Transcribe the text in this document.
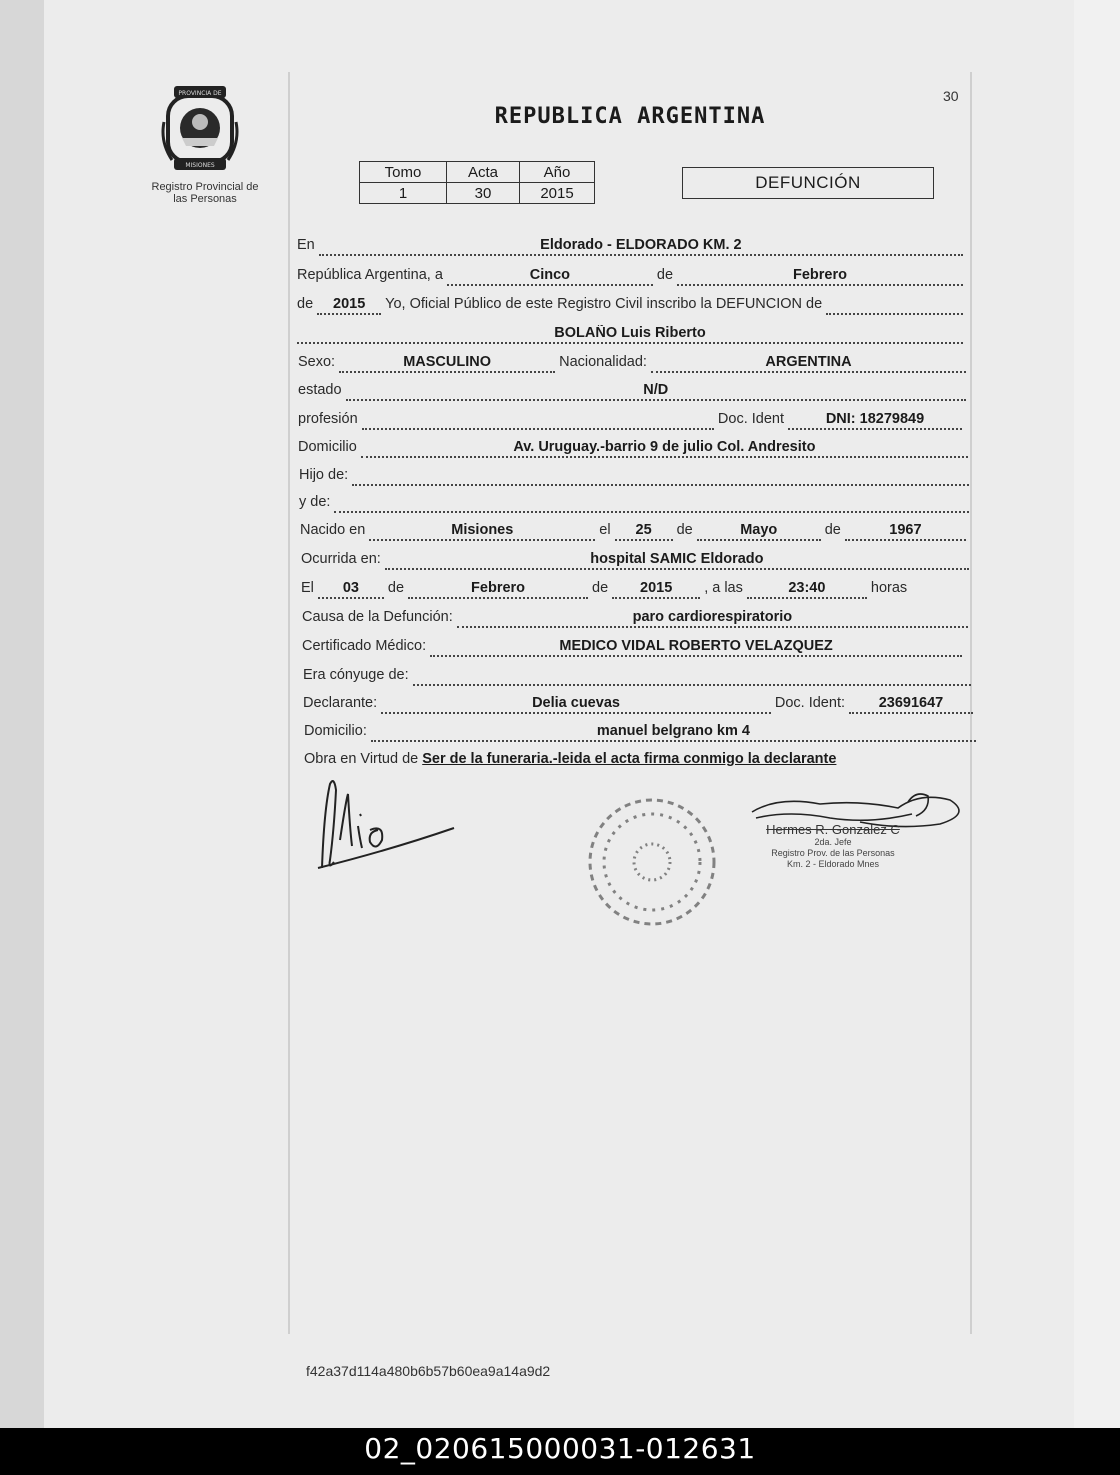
PROVINCIA DE
MISIONES
Registro Provincial de
las Personas
30
REPUBLICA ARGENTINA
Tomo	Acta	Año
1	30	2015
DEFUNCIÓN
En	Eldorado - ELDORADO KM. 2
República Argentina, a	Cinco	de	Febrero
de	2015	Yo, Oficial Público de este Registro Civil inscribo la DEFUNCION de
BOLAÑO Luis Riberto
Sexo:	MASCULINO	Nacionalidad:	ARGENTINA
estado	N/D
profesión	Doc. Ident	DNI: 18279849
Domicilio	Av. Uruguay.-barrio 9 de julio Col. Andresito
Hijo de:
y de:
Nacido en	Misiones	el	25	de	Mayo	de	1967
Ocurrida en:	hospital SAMIC Eldorado
El	03	de	Febrero	de	2015	, a las	23:40	horas
Causa de la Defunción:	paro cardiorespiratorio
Certificado Médico:	MEDICO VIDAL ROBERTO VELAZQUEZ
Era cónyuge de:
Declarante:	Delia cuevas	Doc. Ident:	23691647
Domicilio:	manuel belgrano km 4
Obra en Virtud de Ser de la funeraria.-leida el acta firma conmigo la declarante
Hermes R. Gonzalez C
2da. Jefe
Registro Prov. de las Personas
Km. 2 - Eldorado Mnes
f42a37d114a480b6b57b60ea9a14a9d2
02_020615000031-012631
